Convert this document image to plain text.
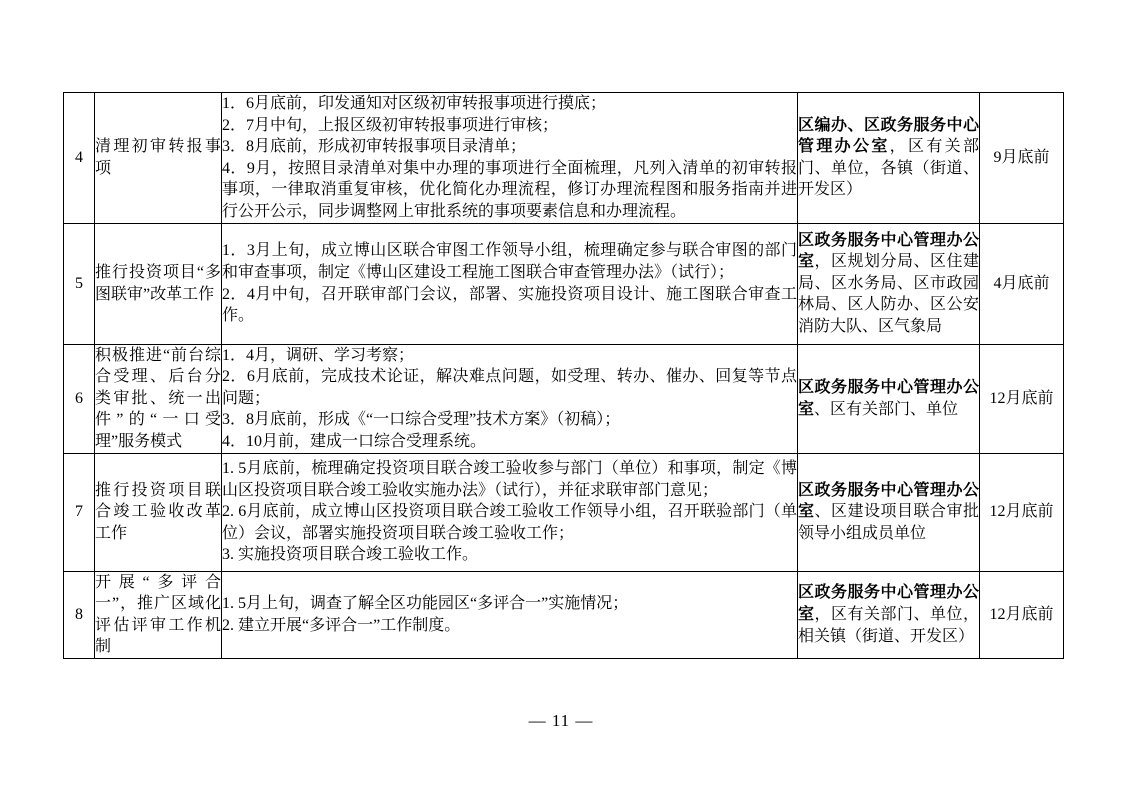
4	清理初审转报事项	1．6月底前，印发通知对区级初审转报事项进行摸底；
2．7月中旬，上报区级初审转报事项进行审核；
3．8月底前，形成初审转报事项目录清单；
4．9月，按照目录清单对集中办理的事项进行全面梳理，凡列入清单的初审转报事项，一律取消重复审核，优化简化办理流程，修订办理流程图和服务指南并进行公开公示，同步调整网上审批系统的事项要素信息和办理流程。	区编办、区政务服务中心管理办公室，区有关部门、单位，各镇（街道、开发区）	9月底前
5	推行投资项目“多图联审”改革工作	1．3月上旬，成立博山区联合审图工作领导小组，梳理确定参与联合审图的部门和审查事项，制定《博山区建设工程施工图联合审查管理办法》（试行）；
2．4月中旬，召开联审部门会议，部署、实施投资项目设计、施工图联合审查工作。	区政务服务中心管理办公室，区规划分局、区住建局、区水务局、区市政园林局、区人防办、区公安消防大队、区气象局	4月底前
6	积极推进“前台综合受理、后台分类审批、统一出件”的“一口受理”服务模式	1．4月，调研、学习考察；
2．6月底前，完成技术论证，解决难点问题，如受理、转办、催办、回复等节点问题；
3．8月底前，形成《“一口综合受理”技术方案》（初稿）；
4．10月前，建成一口综合受理系统。	区政务服务中心管理办公室、区有关部门、单位	12月底前
7	推行投资项目联合竣工验收改革工作	1. 5月底前，梳理确定投资项目联合竣工验收参与部门（单位）和事项，制定《博山区投资项目联合竣工验收实施办法》（试行），并征求联审部门意见；
2. 6月底前，成立博山区投资项目联合竣工验收工作领导小组，召开联验部门（单位）会议，部署实施投资项目联合竣工验收工作；
3. 实施投资项目联合竣工验收工作。	区政务服务中心管理办公室、区建设项目联合审批领导小组成员单位	12月底前
8	开展“多评合一”，推广区域化评估评审工作机制	1. 5月上旬，调查了解全区功能园区“多评合一”实施情况；
2. 建立开展“多评合一”工作制度。	区政务服务中心管理办公室，区有关部门、单位，相关镇（街道、开发区）	12月底前
— 11 —
